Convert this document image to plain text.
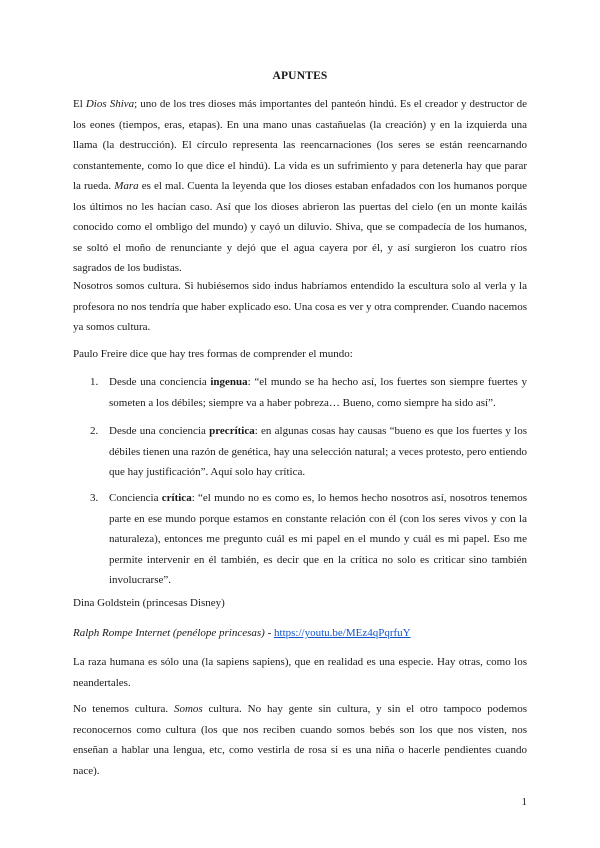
APUNTES

El Dios Shiva; uno de los tres dioses más importantes del panteón hindú. Es el creador y destructor de los eones (tiempos, eras, etapas). En una mano unas castañuelas (la creación) y en la izquierda una llama (la destrucción). El círculo representa las reencarnaciones (los seres se están reencarnando constantemente, como lo que dice el hindú). La vida es un sufrimiento y para detenerla hay que parar la rueda. Mara es el mal. Cuenta la leyenda que los dioses estaban enfadados con los humanos porque los últimos no les hacían caso. Así que los dioses abrieron las puertas del cielo (en un monte kailás conocido como el ombligo del mundo) y cayó un diluvio. Shiva, que se compadecía de los humanos, se soltó el moño de renunciante y dejó que el agua cayera por él, y así surgieron los cuatro ríos sagrados de los budistas.

Nosotros somos cultura. Si hubiésemos sido indus habríamos entendido la escultura solo al verla y la profesora no nos tendría que haber explicado eso. Una cosa es ver y otra comprender. Cuando nacemos ya somos cultura.

Paulo Freire dice que hay tres formas de comprender el mundo:

1. Desde una conciencia ingenua: “el mundo se ha hecho así, los fuertes son siempre fuertes y someten a los débiles; siempre va a haber pobreza… Bueno, como siempre ha sido así”.
2. Desde una conciencia precrítica: en algunas cosas hay causas “bueno es que los fuertes y los débiles tienen una razón de genética, hay una selección natural; a veces protesto, pero entiendo que hay justificación”. Aquí solo hay crítica.
3. Conciencia crítica: “el mundo no es como es, lo hemos hecho nosotros así, nosotros tenemos parte en ese mundo porque estamos en constante relación con él (con los seres vivos y con la naturaleza), entonces me pregunto cuál es mi papel en el mundo y cuál es mi papel. Eso me permite intervenir en él también, es decir que en la crítica no solo es criticar sino también involucrarse”.

Dina Goldstein (princesas Disney)

Ralph Rompe Internet (penélope princesas) - https://youtu.be/MEz4qPqrfuY

La raza humana es sólo una (la sapiens sapiens), que en realidad es una especie. Hay otras, como los neandertales.

No tenemos cultura. Somos cultura. No hay gente sin cultura, y sin el otro tampoco podemos reconocernos como cultura (los que nos reciben cuando somos bebés son los que nos visten, nos enseñan a hablar una lengua, etc, como vestirla de rosa si es una niña o hacerle pendientes cuando nace).

1
